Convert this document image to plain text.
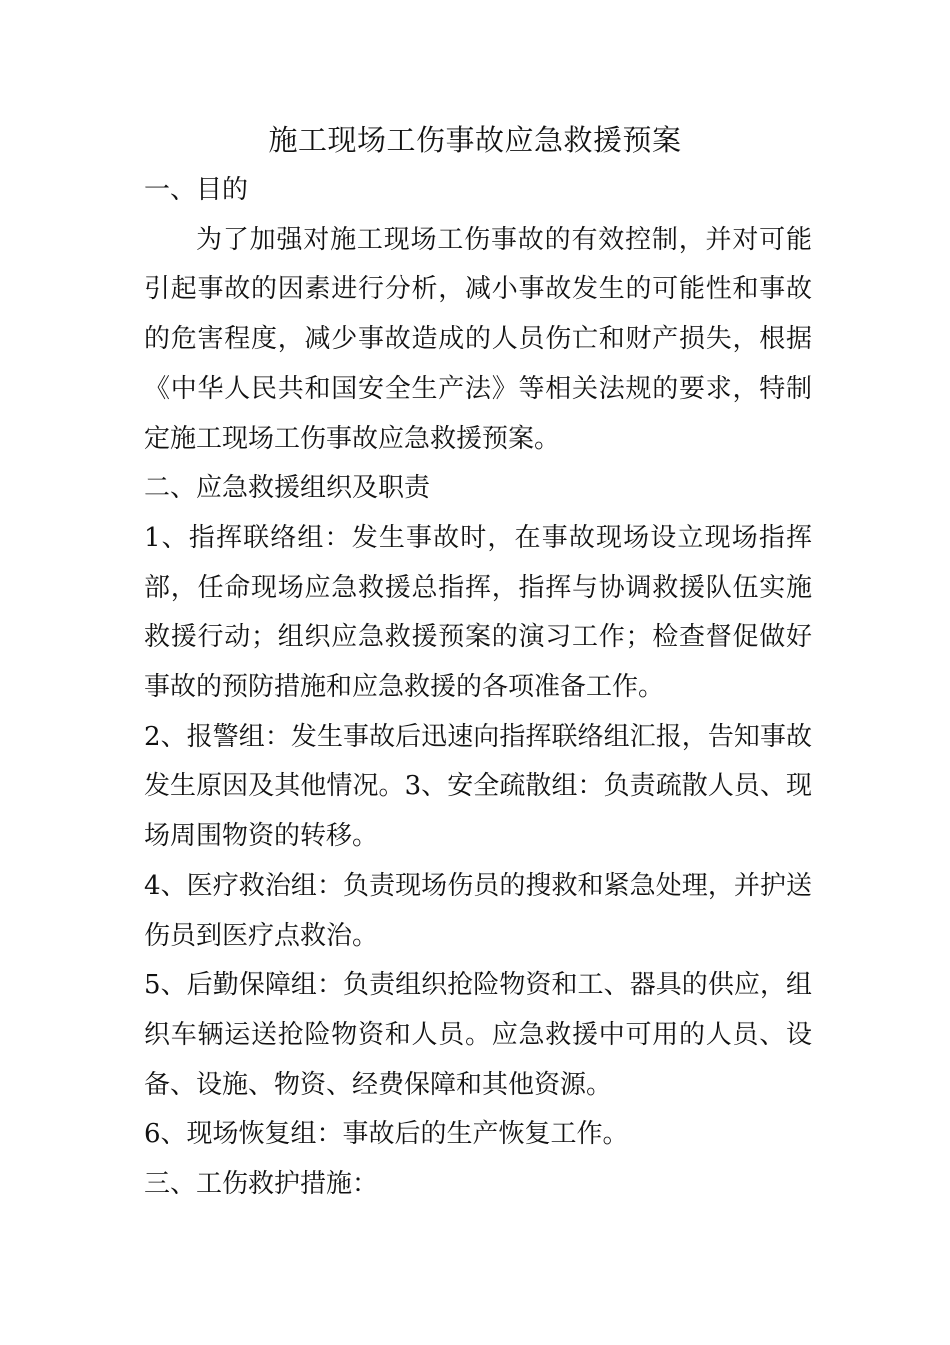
施工现场工伤事故应急救援预案

一、目的

为了加强对施工现场工伤事故的有效控制，并对可能引起事故的因素进行分析，减小事故发生的可能性和事故的危害程度，减少事故造成的人员伤亡和财产损失，根据《中华人民共和国安全生产法》等相关法规的要求，特制定施工现场工伤事故应急救援预案。

二、应急救援组织及职责

1、指挥联络组：发生事故时，在事故现场设立现场指挥部，任命现场应急救援总指挥，指挥与协调救援队伍实施救援行动；组织应急救援预案的演习工作；检查督促做好事故的预防措施和应急救援的各项准备工作。

2、报警组：发生事故后迅速向指挥联络组汇报，告知事故发生原因及其他情况。3、安全疏散组：负责疏散人员、现场周围物资的转移。

4、医疗救治组：负责现场伤员的搜救和紧急处理，并护送伤员到医疗点救治。

5、后勤保障组：负责组织抢险物资和工、器具的供应，组织车辆运送抢险物资和人员。应急救援中可用的人员、设备、设施、物资、经费保障和其他资源。

6、现场恢复组：事故后的生产恢复工作。

三、工伤救护措施：
